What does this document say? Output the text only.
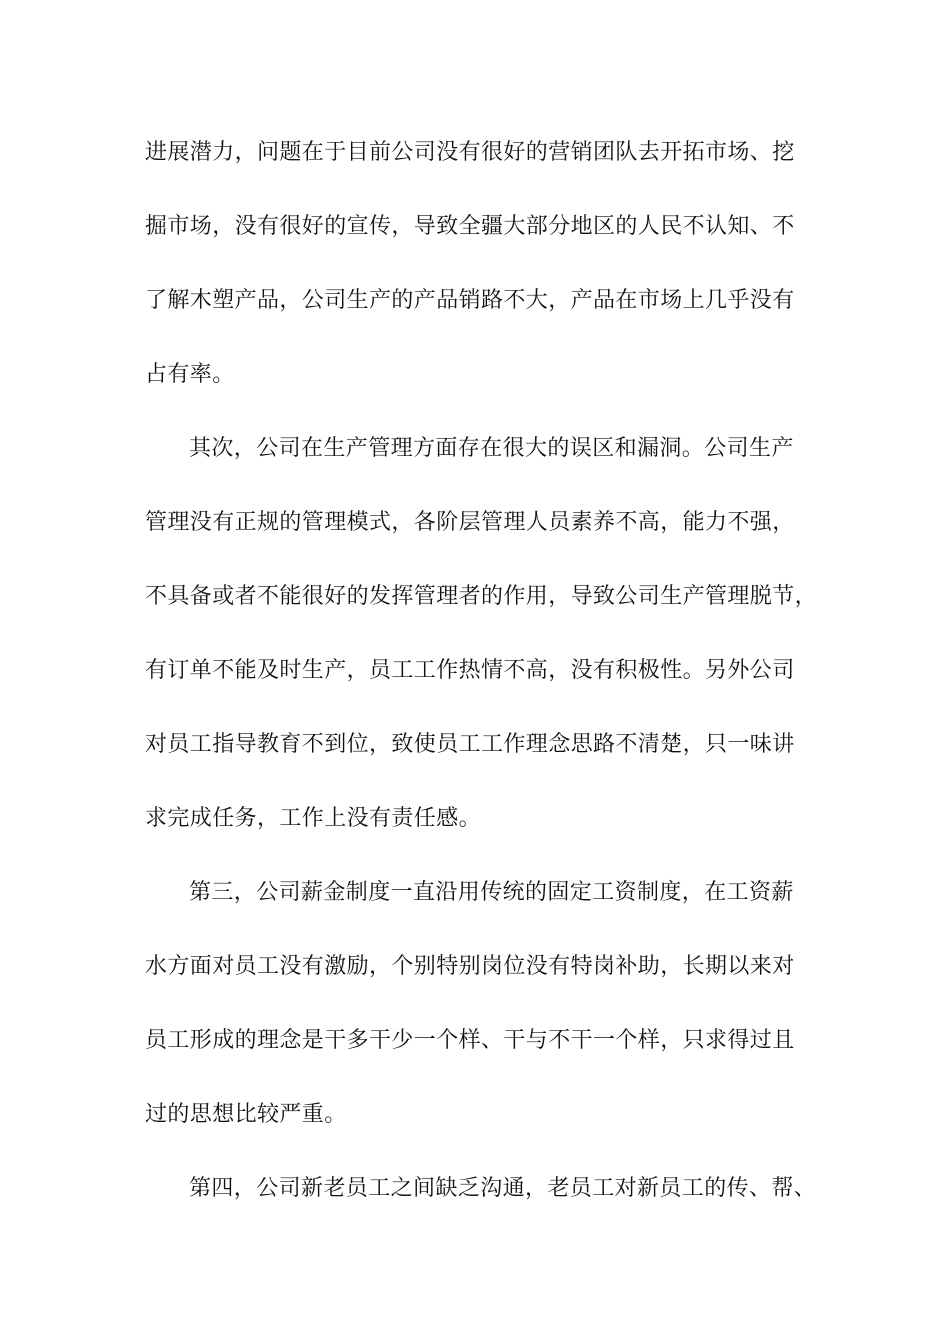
进展潜力，问题在于目前公司没有很好的营销团队去开拓市场、挖
掘市场，没有很好的宣传，导致全疆大部分地区的人民不认知、不
了解木塑产品，公司生产的产品销路不大，产品在市场上几乎没有
占有率。
其次，公司在生产管理方面存在很大的误区和漏洞。公司生产
管理没有正规的管理模式，各阶层管理人员素养不高，能力不强，
不具备或者不能很好的发挥管理者的作用，导致公司生产管理脱节，
有订单不能及时生产，员工工作热情不高，没有积极性。另外公司
对员工指导教育不到位，致使员工工作理念思路不清楚，只一味讲
求完成任务，工作上没有责任感。
第三，公司薪金制度一直沿用传统的固定工资制度，在工资薪
水方面对员工没有激励，个别特别岗位没有特岗补助，长期以来对
员工形成的理念是干多干少一个样、干与不干一个样，只求得过且
过的思想比较严重。
第四，公司新老员工之间缺乏沟通，老员工对新员工的传、帮、
